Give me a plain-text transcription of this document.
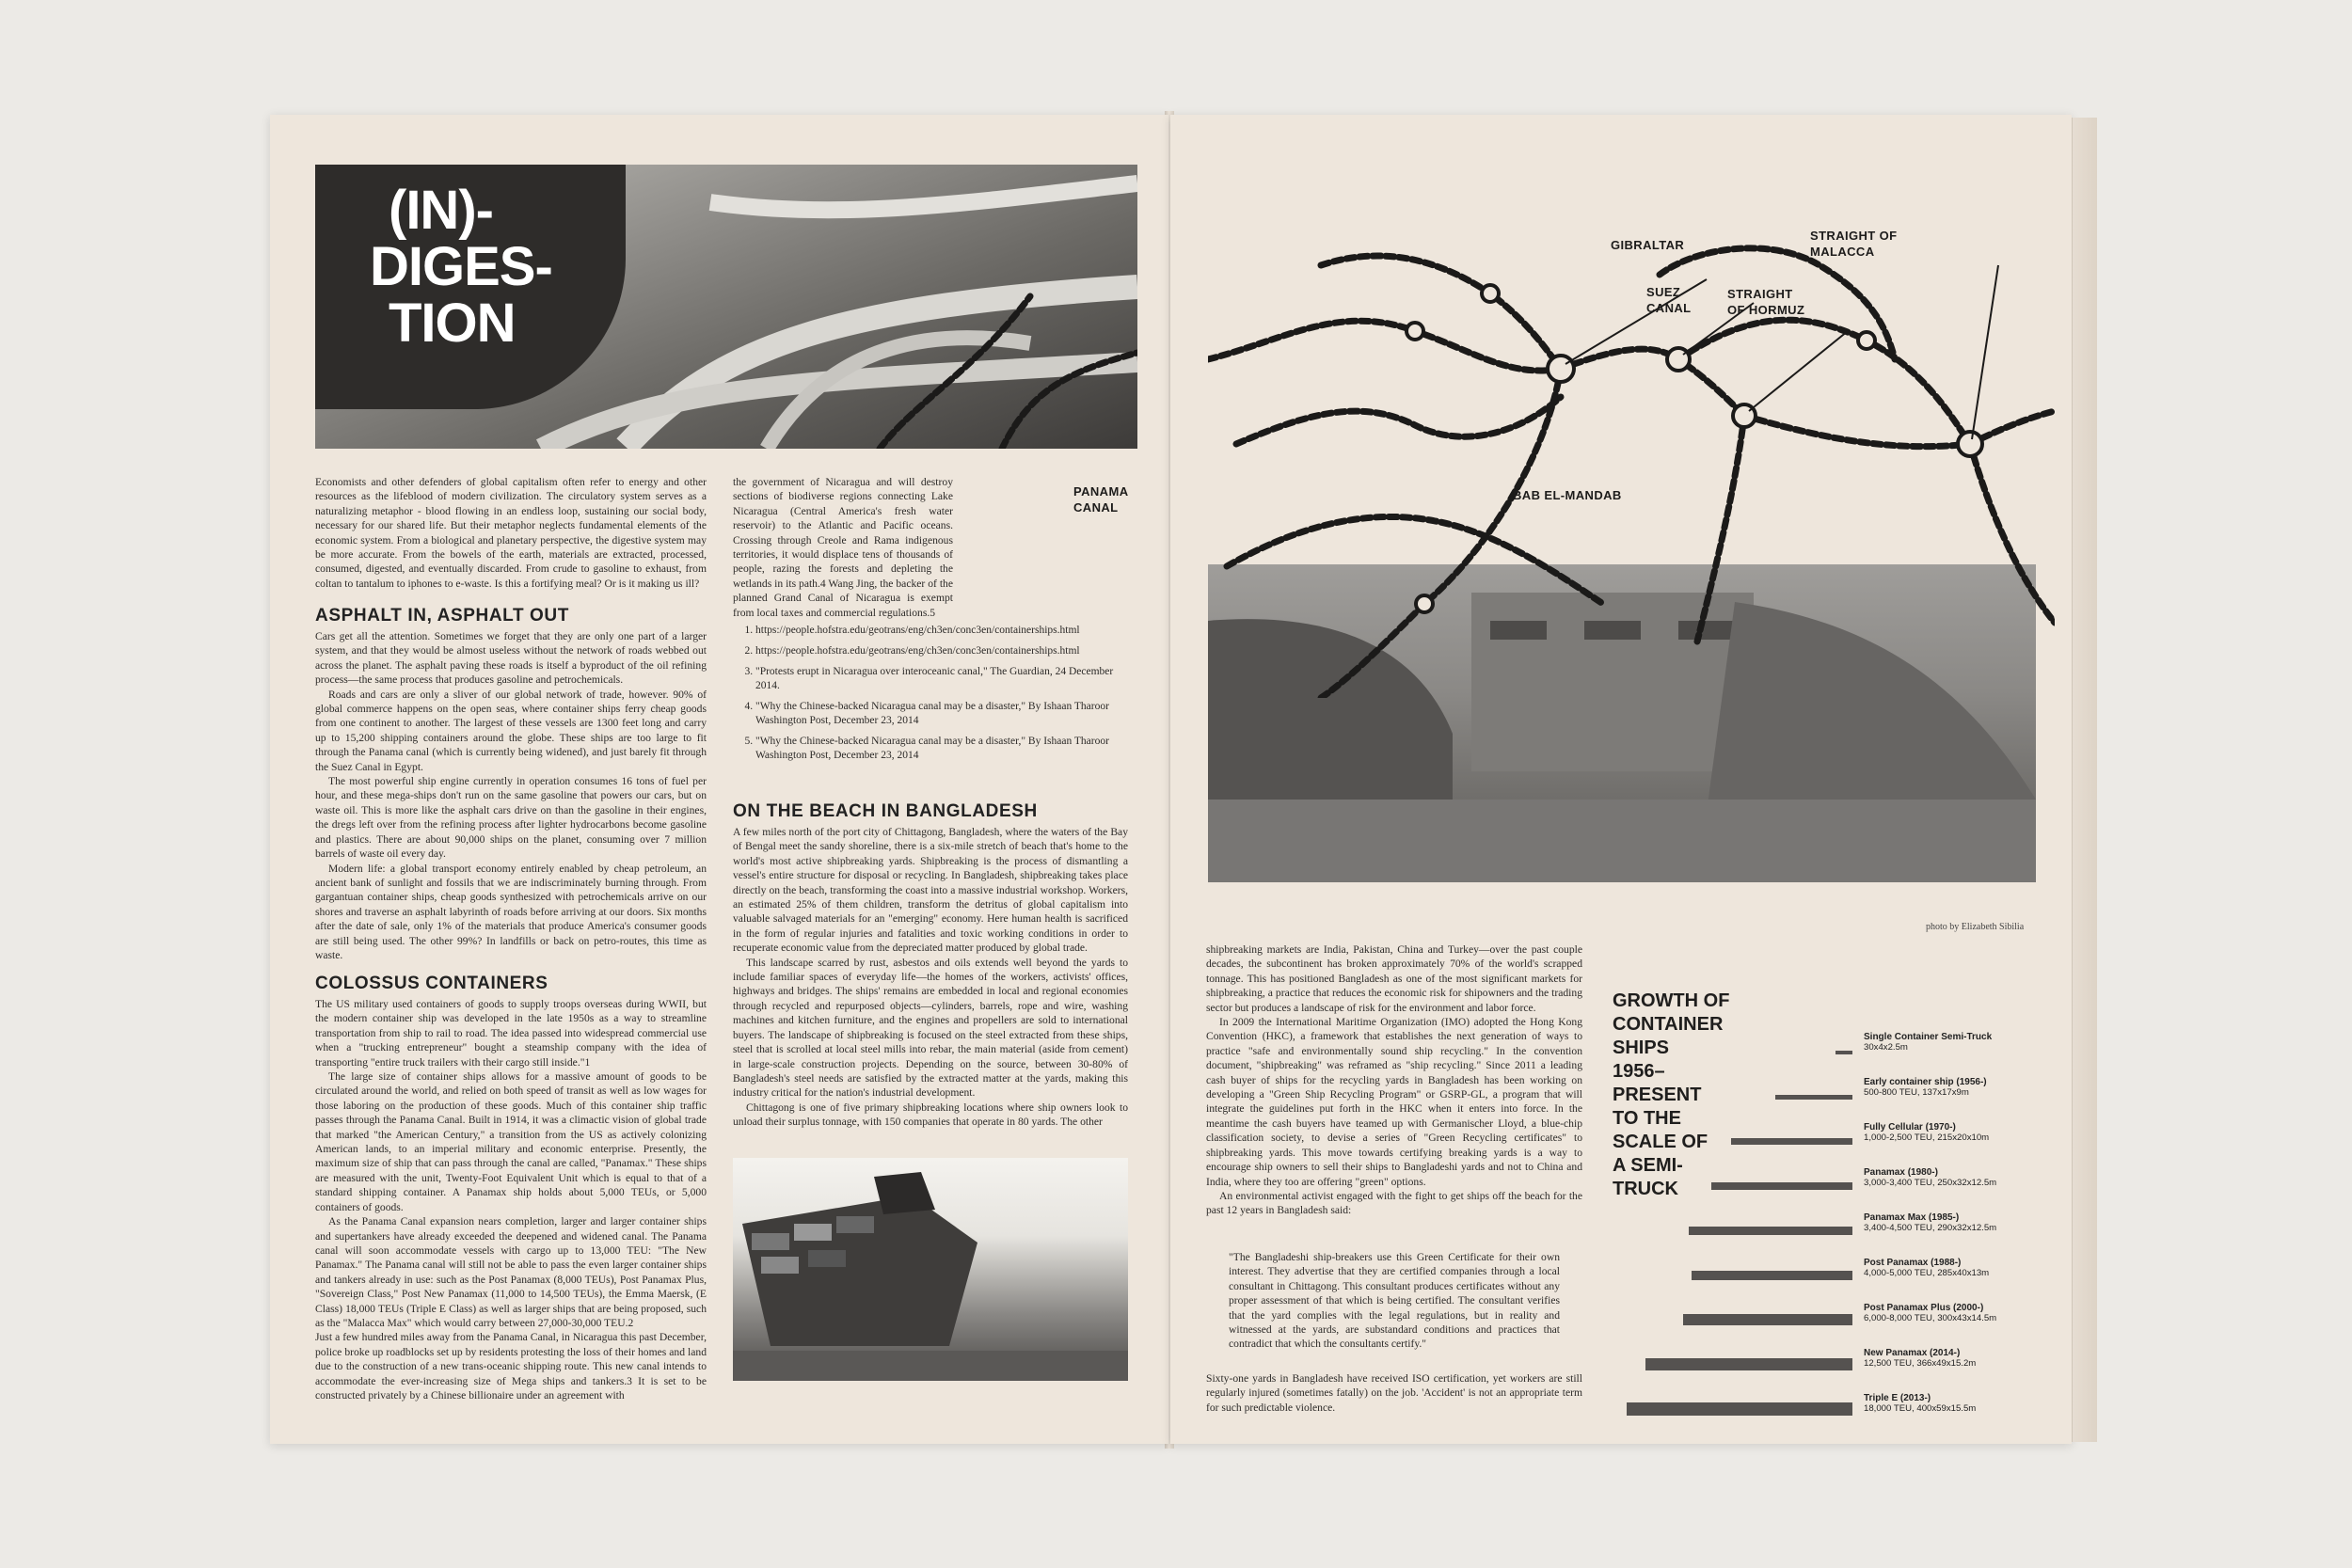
(IN)-
DIGES-
TION
PANAMA
CANAL
Economists and other defenders of global capitalism often refer to energy and other resources as the lifeblood of modern civilization. The circulatory system serves as a naturalizing metaphor - blood flowing in an endless loop, sustaining our social body, necessary for our shared life. But their metaphor neglects fundamental elements of the economic system. From a biological and planetary perspective, the digestive system may be more accurate. From the bowels of the earth, materials are extracted, processed, consumed, digested, and eventually discarded. From crude to gasoline to exhaust, from coltan to tantalum to iphones to e-waste. Is this a fortifying meal? Or is it making us ill?
ASPHALT IN, ASPHALT OUT

Cars get all the attention. Sometimes we forget that they are only one part of a larger system, and that they would be almost useless without the network of roads webbed out across the planet. The asphalt paving these roads is itself a byproduct of the oil refining process—the same process that produces gasoline and petrochemicals.

Roads and cars are only a sliver of our global network of trade, however. 90% of global commerce happens on the open seas, where container ships ferry cheap goods from one continent to another. The largest of these vessels are 1300 feet long and carry up to 15,200 shipping containers around the globe. These ships are too large to fit through the Panama canal (which is currently being widened), and just barely fit through the Suez Canal in Egypt.

The most powerful ship engine currently in operation consumes 16 tons of fuel per hour, and these mega-ships don't run on the same gasoline that powers our cars, but on waste oil. This is more like the asphalt cars drive on than the gasoline in their engines, the dregs left over from the refining process after lighter hydrocarbons become gasoline and plastics. There are about 90,000 ships on the planet, consuming over 7 million barrels of waste oil every day.

Modern life: a global transport economy entirely enabled by cheap petroleum, an ancient bank of sunlight and fossils that we are indiscriminately burning through. From gargantuan container ships, cheap goods synthesized with petrochemicals arrive on our shores and traverse an asphalt labyrinth of roads before arriving at our doors. Six months after the date of sale, only 1% of the materials that produce America's consumer goods are still being used. The other 99%? In landfills or back on petro-routes, this time as waste.

COLOSSUS CONTAINERS

The US military used containers of goods to supply troops overseas during WWII, but the modern container ship was developed in the late 1950s as a way to streamline transportation from ship to rail to road. The idea passed into widespread commercial use when a "trucking entrepreneur" bought a steamship company with the idea of transporting "entire truck trailers with their cargo still inside."1

The large size of container ships allows for a massive amount of goods to be circulated around the world, and relied on both speed of transit as well as low wages for those laboring on the production of these goods. Much of this container ship traffic passes through the Panama Canal. Built in 1914, it was a climactic vision of global trade that marked "the American Century," a transition from the US as actively colonizing American lands, to an imperial military and economic enterprise. Presently, the maximum size of ship that can pass through the canal are called, "Panamax." These ships are measured with the unit, Twenty-Foot Equivalent Unit which is equal to that of a standard shipping container. A Panamax ship holds about 5,000 TEUs, or 5,000 containers of goods.

As the Panama Canal expansion nears completion, larger and larger container ships and supertankers have already exceeded the deepened and widened canal. The Panama canal will soon accommodate vessels with cargo up to 13,000 TEU: "The New Panamax." The Panama canal will still not be able to pass the even larger container ships and tankers already in use: such as the Post Panamax (8,000 TEUs), Post Panamax Plus, "Sovereign Class," Post New Panamax (11,000 to 14,500 TEUs), the Emma Maersk, (E Class) 18,000 TEUs (Triple E Class) as well as larger ships that are being proposed, such as the "Malacca Max" which would carry between 27,000-30,000 TEU.2

Just a few hundred miles away from the Panama Canal, in Nicaragua this past December, police broke up roadblocks set up by residents protesting the loss of their homes and land due to the construction of a new trans-oceanic shipping route. This new canal intends to accommodate the ever-increasing size of Mega ships and tankers.3 It is set to be constructed privately by a Chinese billionaire under an agreement with

the government of Nicaragua and will destroy sections of biodiverse regions connecting Lake Nicaragua (Central America's fresh water reservoir) to the Atlantic and Pacific oceans. Crossing through Creole and Rama indigenous territories, it would displace tens of thousands of people, razing the forests and depleting the wetlands in its path.4 Wang Jing, the backer of the planned Grand Canal of Nicaragua is exempt from local taxes and commercial regulations.5
1. https://people.hofstra.edu/geotrans/eng/ch3en/conc3en/containerships.html
2. https://people.hofstra.edu/geotrans/eng/ch3en/conc3en/containerships.html
3. "Protests erupt in Nicaragua over interoceanic canal," The Guardian, 24 December 2014.
4. "Why the Chinese-backed Nicaragua canal may be a disaster," By Ishaan Tharoor Washington Post, December 23, 2014
5. "Why the Chinese-backed Nicaragua canal may be a disaster," By Ishaan Tharoor Washington Post, December 23, 2014
ON THE BEACH IN BANGLADESH

A few miles north of the port city of Chittagong, Bangladesh, where the waters of the Bay of Bengal meet the sandy shoreline, there is a six-mile stretch of beach that's home to the world's most active shipbreaking yards. Shipbreaking is the process of dismantling a vessel's entire structure for disposal or recycling. In Bangladesh, shipbreaking takes place directly on the beach, transforming the coast into a massive industrial workshop. Workers, an estimated 25% of them children, transform the detritus of global capitalism into valuable salvaged materials for an "emerging" economy. Here human health is sacrificed in the form of regular injuries and fatalities and toxic working conditions in order to recuperate economic value from the depreciated matter produced by global trade.

This landscape scarred by rust, asbestos and oils extends well beyond the yards to include familiar spaces of everyday life—the homes of the workers, activists' offices, highways and bridges. The ships' remains are embedded in local and regional economies through recycled and repurposed objects—cylinders, barrels, rope and wire, washing machines and kitchen furniture, and the engines and propellers are sold to international buyers. The landscape of shipbreaking is focused on the steel extracted from these ships, steel that is scrolled at local steel mills into rebar, the main material (aside from cement) in large-scale construction projects. Depending on the source, between 30-80% of Bangladesh's steel needs are satisfied by the extracted matter at the yards, making this industry critical for the nation's industrial development.

Chittagong is one of five primary shipbreaking locations where ship owners look to unload their surplus tonnage, with 150 companies that operate in 80 yards. The other

photo by Elizabeth Sibilia
GIBRALTAR
SUEZ
CANAL
STRAIGHT
OF HORMUZ
STRAIGHT OF
MALACCA
BAB EL-MANDAB

shipbreaking markets are India, Pakistan, China and Turkey—over the past couple decades, the subcontinent has broken approximately 70% of the world's scrapped tonnage. This has positioned Bangladesh as one of the most significant markets for shipbreaking, a practice that reduces the economic risk for shipowners and the trading sector but produces a landscape of risk for the environment and labor force.

In 2009 the International Maritime Organization (IMO) adopted the Hong Kong Convention (HKC), a framework that establishes the next generation of ways to practice "safe and environmentally sound ship recycling." In the convention document, "shipbreaking" was reframed as "ship recycling." Since 2011 a leading cash buyer of ships for the recycling yards in Bangladesh has been working on developing a "Green Ship Recycling Program" or GSRP-GL, a program that will integrate the guidelines put forth in the HKC when it enters into force. In the meantime the cash buyers have teamed up with Germanischer Lloyd, a blue-chip classification society, to devise a series of "Green Recycling certificates" to shipbreaking yards. This move towards certifying breaking yards is a way to encourage ship owners to sell their ships to Bangladeshi yards and not to China and India, where they too are offering "green" options.

An environmental activist engaged with the fight to get ships off the beach for the past 12 years in Bangladesh said:

"The Bangladeshi ship-breakers use this Green Certificate for their own interest. They advertise that they are certified companies through a local consultant in Chittagong. This consultant produces certificates without any proper assessment of that which is being certified. The consultant verifies that the yard complies with the legal regulations, but in reality and witnessed at the yards, are substandard conditions and practices that contradict that which the consultants certify."
Sixty-one yards in Bangladesh have received ISO certification, yet workers are still regularly injured (sometimes fatally) on the job. 'Accident' is not an appropriate term for such predictable violence.
GROWTH OF
CONTAINER SHIPS
1956– PRESENT
TO THE
SCALE OF
A SEMI-
TRUCK
Single Container Semi-Truck
30x4x2.5m
Early container ship (1956-)
500-800 TEU, 137x17x9m
Fully Cellular (1970-)
1,000-2,500 TEU, 215x20x10m
Panamax (1980-)
3,000-3,400 TEU, 250x32x12.5m
Panamax Max (1985-)
3,400-4,500 TEU, 290x32x12.5m
Post Panamax (1988-)
4,000-5,000 TEU, 285x40x13m
Post Panamax Plus (2000-)
6,000-8,000 TEU, 300x43x14.5m
New Panamax (2014-)
12,500 TEU, 366x49x15.2m
Triple E (2013-)
18,000 TEU, 400x59x15.5m
